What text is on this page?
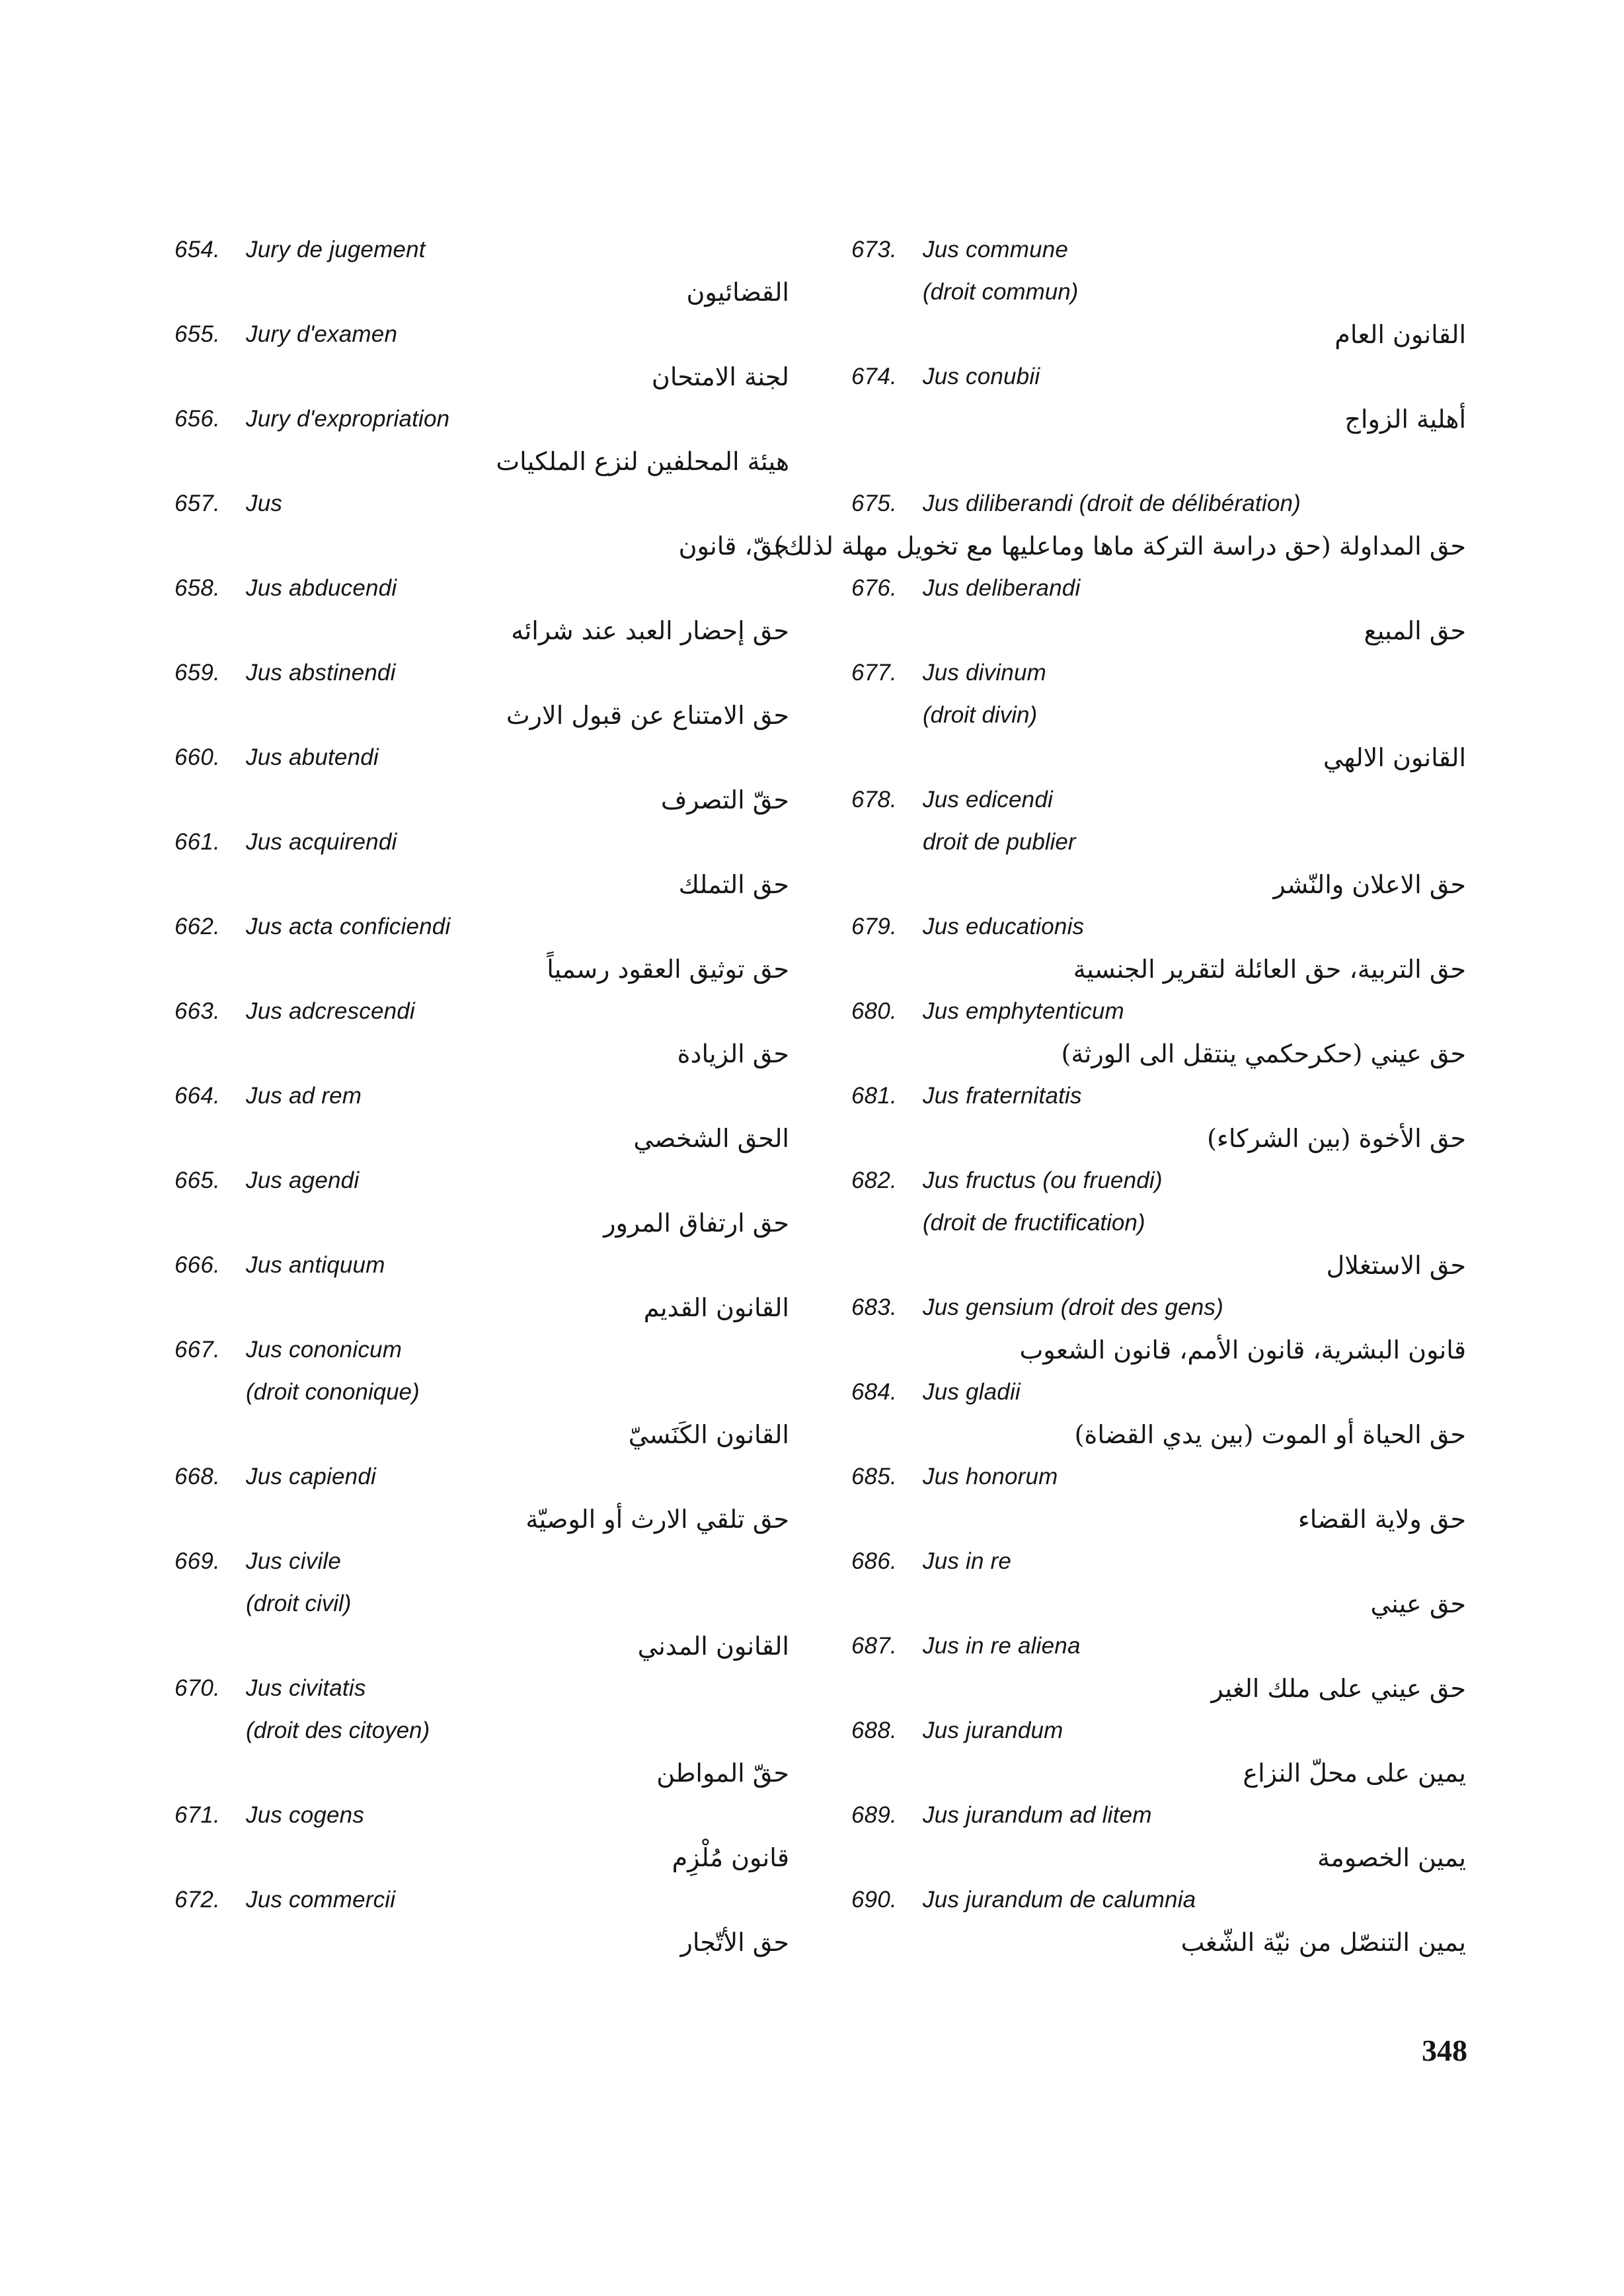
654. Jury de jugement
القضائيون
655. Jury d'examen
لجنة الامتحان
656. Jury d'expropriation
هيئة المحلفين لنزع الملكيات
657. Jus
حقّ، قانون
658. Jus abducendi
حق إحضار العبد عند شرائه
659. Jus abstinendi
حق الامتناع عن قبول الارث
660. Jus abutendi
حقّ التصرف
661. Jus acquirendi
حق التملك
662. Jus acta conficiendi
حق توثيق العقود رسمياً
663. Jus adcrescendi
حق الزيادة
664. Jus ad rem
الحق الشخصي
665. Jus agendi
حق ارتفاق المرور
666. Jus antiquum
القانون القديم
667. Jus cononicum
(droit cononique)
القانون الكَنَسيّ
668. Jus capiendi
حق تلقي الارث أو الوصيّة
669. Jus civile
(droit civil)
القانون المدني
670. Jus civitatis
(droit des citoyen)
حقّ المواطن
671. Jus cogens
قانون مُلْزِم
672. Jus commercii
حق الأتّجار
673. Jus commune
(droit commun)
القانون العام
674. Jus conubii
أهلية الزواج
675. Jus diliberandi (droit de délibération)
حق المداولة (حق دراسة التركة ماها وماعليها مع تخويل مهلة لذلك)
676. Jus deliberandi
حق المبيع
677. Jus divinum
(droit divin)
القانون الالهي
678. Jus edicendi
droit de publier
حق الاعلان والنّشر
679. Jus educationis
حق التربية، حق العائلة لتقرير الجنسية
680. Jus emphytenticum
حق عيني (حكرحكمي ينتقل الى الورثة)
681. Jus fraternitatis
حق الأخوة (بين الشركاء)
682. Jus fructus (ou fruendi)
(droit de fructification)
حق الاستغلال
683. Jus gensium (droit des gens)
قانون البشرية، قانون الأمم، قانون الشعوب
684. Jus gladii
حق الحياة أو الموت (بين يدي القضاة)
685. Jus honorum
حق ولاية القضاء
686. Jus in re
حق عيني
687. Jus in re aliena
حق عيني على ملك الغير
688. Jus jurandum
يمين على محلّ النزاع
689. Jus jurandum ad litem
يمين الخصومة
690. Jus jurandum de calumnia
يمين التنصّل من نيّة الشّغب
348
